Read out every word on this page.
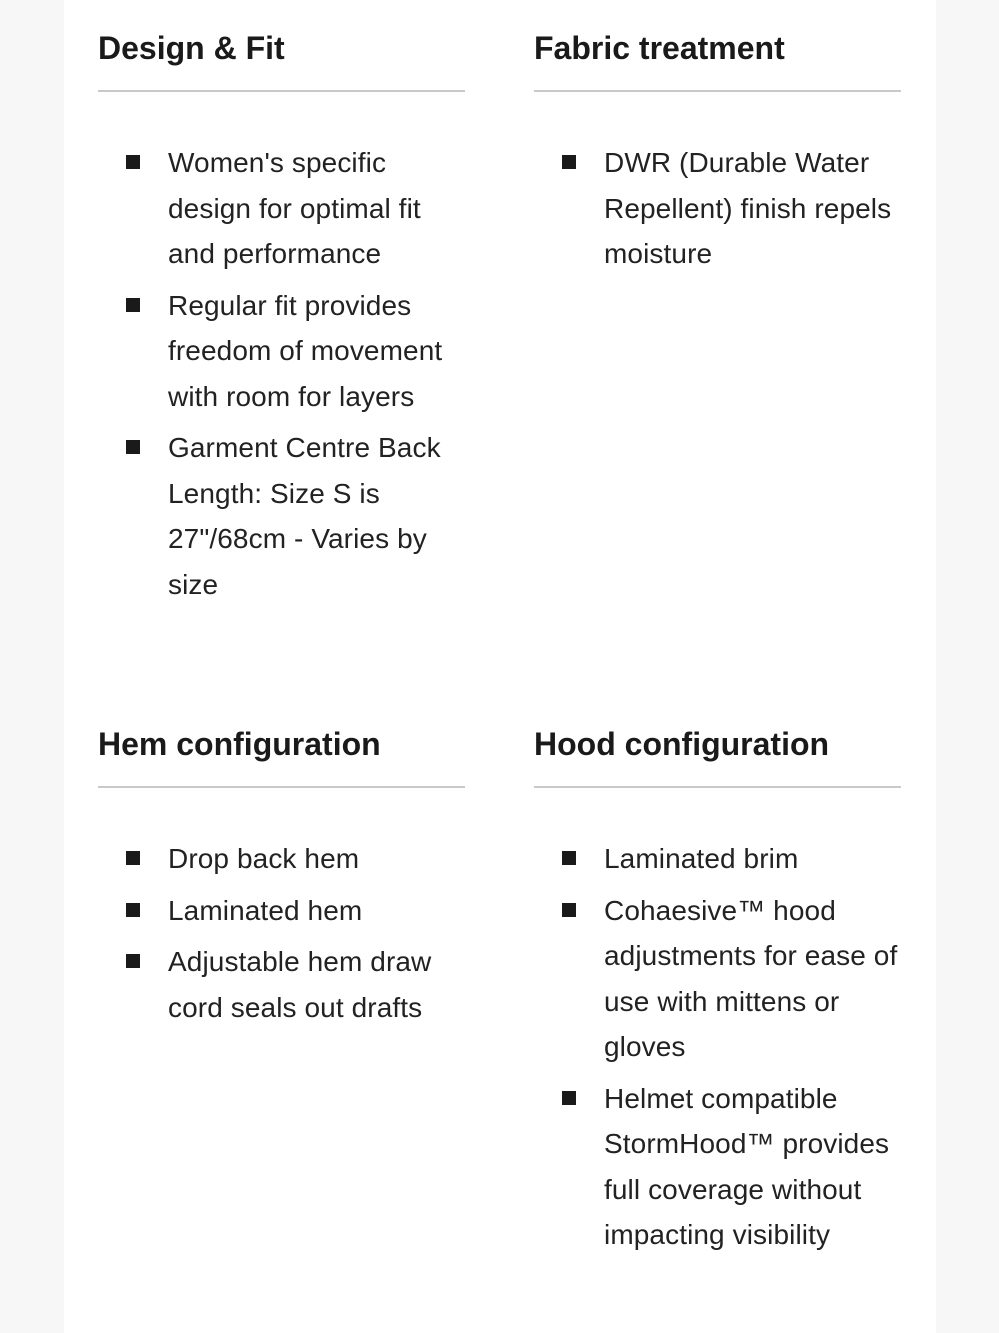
Design & Fit
Women's specific design for optimal fit and performance
Regular fit provides freedom of movement with room for layers
Garment Centre Back Length: Size S is 27"/68cm - Varies by size
Fabric treatment
DWR (Durable Water Repellent) finish repels moisture
Hem configuration
Drop back hem
Laminated hem
Adjustable hem draw cord seals out drafts
Hood configuration
Laminated brim
Cohaesive™ hood adjustments for ease of use with mittens or gloves
Helmet compatible StormHood™ provides full coverage without impacting visibility
